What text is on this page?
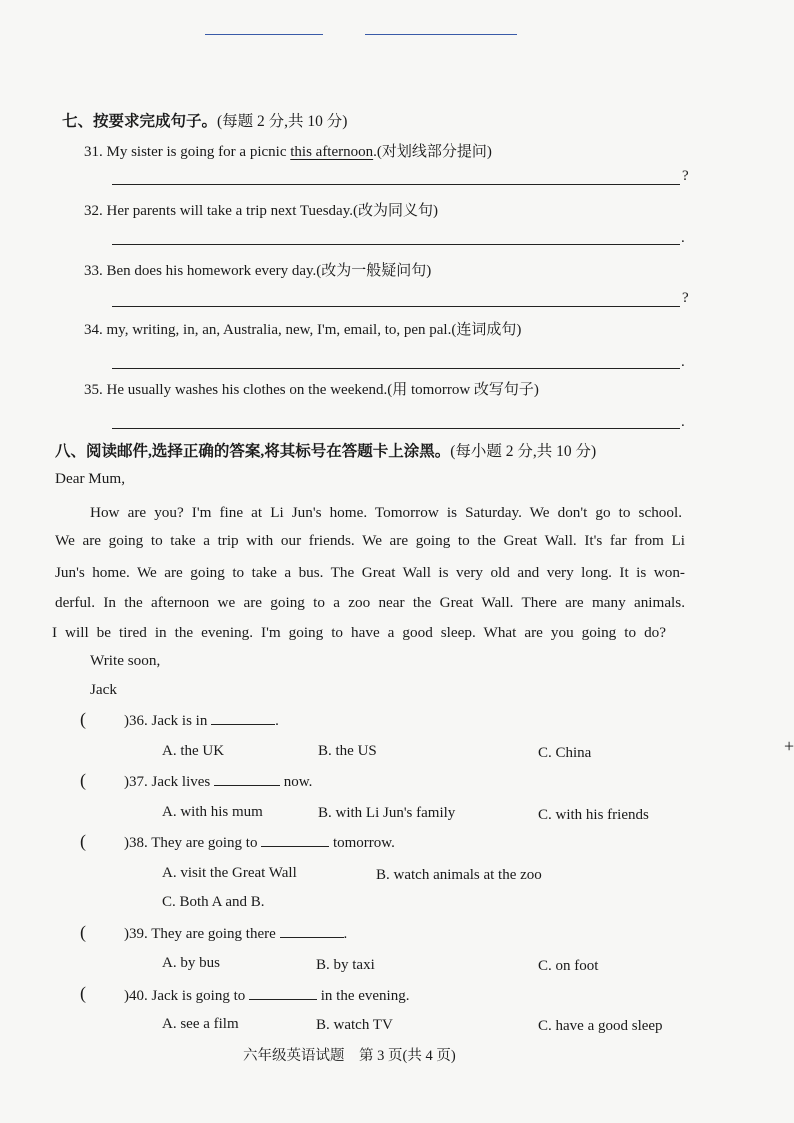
七、按要求完成句子。(每题 2 分,共 10 分)
31. My sister is going for a picnic this afternoon.(对划线部分提问)
?
32. Her parents will take a trip next Tuesday.(改为同义句)
.
33. Ben does his homework every day.(改为一般疑问句)
?
34. my, writing, in, an, Australia, new, I'm, email, to, pen pal.(连词成句)
.
35. He usually washes his clothes on the weekend.(用 tomorrow 改写句子)
.
八、阅读邮件,选择正确的答案,将其标号在答题卡上涂黑。(每小题 2 分,共 10 分)
Dear Mum,
How are you? I'm fine at Li Jun's home. Tomorrow is Saturday. We don't go to school.
We are going to take a trip with our friends. We are going to the Great Wall. It's far from Li
Jun's home. We are going to take a bus. The Great Wall is very old and very long. It is won-
derful. In the afternoon we are going to a zoo near the Great Wall. There are many animals.
I will be tired in the evening. I'm going to have a good sleep. What are you going to do?
Write soon,
Jack
(	)36. Jack is in	.
A. the UK	B. the US	C. China
(	)37. Jack lives	now.
A. with his mum	B. with Li Jun's family	C. with his friends
(	)38. They are going to	tomorrow.
A. visit the Great Wall	B. watch animals at the zoo
C. Both A and B.
(	)39. They are going there	.
A. by bus	B. by taxi	C. on foot
(	)40. Jack is going to	in the evening.
A. see a film	B. watch TV	C. have a good sleep
六年级英语试题 第 3 页(共 4 页)
+
